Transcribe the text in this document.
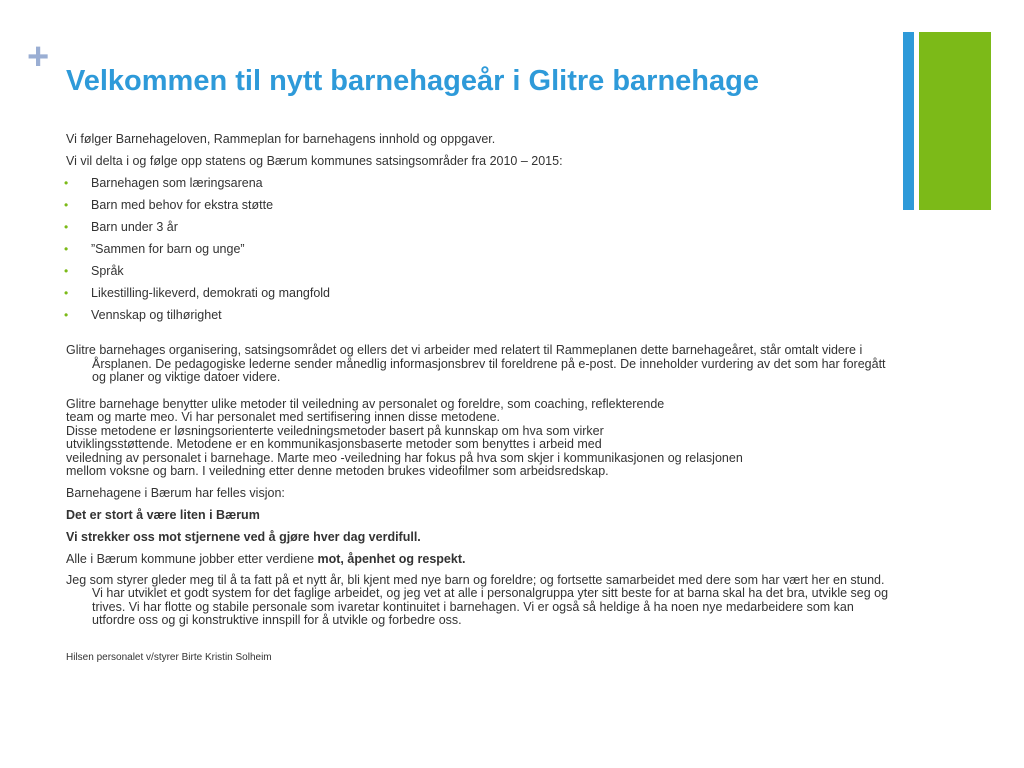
+
Velkommen til nytt barnehageår i Glitre barnehage

Vi følger Barnehageloven, Rammeplan for barnehagens innhold og oppgaver.

Vi vil delta i og følge opp statens og Bærum kommunes satsingsområder fra 2010 – 2015:

• Barnehagen som læringsarena
• Barn med behov for ekstra støtte
• Barn under 3 år
• ”Sammen for barn og unge”
• Språk
• Likestilling-likeverd, demokrati og mangfold
• Vennskap og tilhørighet

Glitre barnehages organisering, satsingsområdet og ellers det vi arbeider med relatert til Rammeplanen dette barnehageåret, står omtalt videre i Årsplanen. De pedagogiske lederne sender månedlig informasjonsbrev til foreldrene på e-post. De inneholder vurdering av det som har foregått og planer og viktige datoer videre.

Glitre barnehage benytter ulike metoder til veiledning av personalet og foreldre, som coaching, reflekterende
team og marte meo. Vi har personalet med sertifisering innen disse metodene.
Disse metodene er løsningsorienterte veiledningsmetoder basert på kunnskap om hva som virker
utviklingsstøttende. Metodene er en kommunikasjonsbaserte metoder som benyttes i arbeid med
veiledning av personalet i barnehage. Marte meo -veiledning har fokus på hva som skjer i kommunikasjonen og relasjonen
mellom voksne og barn. I veiledning etter denne metoden brukes videofilmer som arbeidsredskap.

Barnehagene i Bærum har felles visjon:

Det er stort å være liten i Bærum

Vi strekker oss mot stjernene ved å gjøre hver dag verdifull.

Alle i Bærum kommune jobber etter verdiene mot, åpenhet og respekt.

Jeg som styrer gleder meg til å ta fatt på et nytt år, bli kjent med nye barn og foreldre; og fortsette samarbeidet med dere som har vært her en stund. Vi har utviklet et godt system for det faglige arbeidet, og jeg vet at alle i personalgruppa yter sitt beste for at barna skal ha det bra, utvikle seg og trives. Vi har flotte og stabile personale som ivaretar kontinuitet i barnehagen. Vi er også så heldige å ha noen nye medarbeidere som kan utfordre oss og gi konstruktive innspill for å utvikle og forbedre oss.

Hilsen personalet v/styrer Birte Kristin Solheim
